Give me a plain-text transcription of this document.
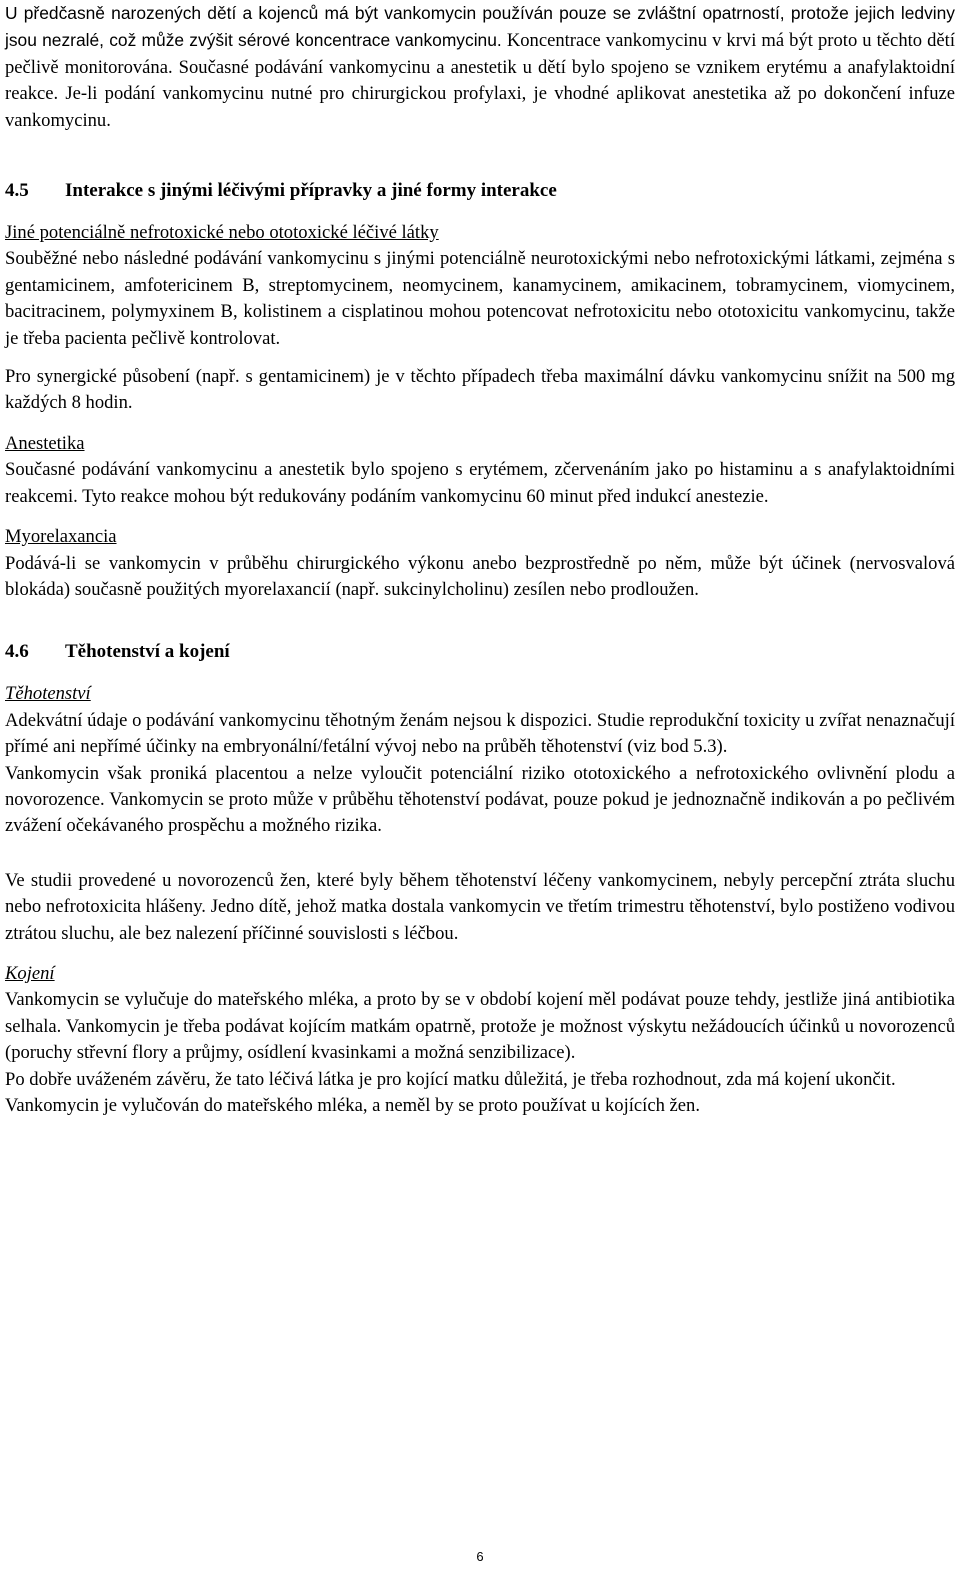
U předčasně narozených dětí a kojenců má být vankomycin používán pouze se zvláštní opatrností, protože jejich ledviny jsou nezralé, což může zvýšit sérové koncentrace vankomycinu. Koncentrace vankomycinu v krvi má být proto u těchto dětí pečlivě monitorována. Současné podávání vankomycinu a anestetik u dětí bylo spojeno se vznikem erytému a anafylaktoidní reakce. Je-li podání vankomycinu nutné pro chirurgickou profylaxi, je vhodné aplikovat anestetika až po dokončení infuze vankomycinu.

4.5 Interakce s jinými léčivými přípravky a jiné formy interakce
Jiné potenciálně nefrotoxické nebo ototoxické léčivé látky

Souběžné nebo následné podávání vankomycinu s jinými potenciálně neurotoxickými nebo nefrotoxickými látkami, zejména s gentamicinem, amfotericinem B, streptomycinem, neomycinem, kanamycinem, amikacinem, tobramycinem, viomycinem, bacitracinem, polymyxinem B, kolistinem a cisplatinou mohou potencovat nefrotoxicitu nebo ototoxicitu vankomycinu, takže je třeba pacienta pečlivě kontrolovat.

Pro synergické působení (např. s gentamicinem) je v těchto případech třeba maximální dávku vankomycinu snížit na 500 mg každých 8 hodin.

Anestetika

Současné podávání vankomycinu a anestetik bylo spojeno s erytémem, zčervenáním jako po histaminu a s anafylaktoidními reakcemi. Tyto reakce mohou být redukovány podáním vankomycinu 60 minut před indukcí anestezie.

Myorelaxancia

Podává-li se vankomycin v průběhu chirurgického výkonu anebo bezprostředně po něm, může být účinek (nervosvalová blokáda) současně použitých myorelaxancií (např. sukcinylcholinu) zesílen nebo prodloužen.

4.6 Těhotenství a kojení
Těhotenství

Adekvátní údaje o podávání vankomycinu těhotným ženám nejsou k dispozici. Studie reprodukční toxicity u zvířat nenaznačují přímé ani nepřímé účinky na embryonální/fetální vývoj nebo na průběh těhotenství (viz bod 5.3).

Vankomycin však proniká placentou a nelze vyloučit potenciální riziko ototoxického a nefrotoxického ovlivnění plodu a novorozence. Vankomycin se proto může v průběhu těhotenství podávat, pouze pokud je jednoznačně indikován a po pečlivém zvážení očekávaného prospěchu a možného rizika.

Ve studii provedené u novorozenců žen, které byly během těhotenství léčeny vankomycinem, nebyly percepční ztráta sluchu nebo nefrotoxicita hlášeny. Jedno dítě, jehož matka dostala vankomycin ve třetím trimestru těhotenství, bylo postiženo vodivou ztrátou sluchu, ale bez nalezení příčinné souvislosti s léčbou.

Kojení

Vankomycin se vylučuje do mateřského mléka, a proto by se v období kojení měl podávat pouze tehdy, jestliže jiná antibiotika selhala. Vankomycin je třeba podávat kojícím matkám opatrně, protože je možnost výskytu nežádoucích účinků u novorozenců (poruchy střevní flory a průjmy, osídlení kvasinkami a možná senzibilizace).

Po dobře uváženém závěru, že tato léčivá látka je pro kojící matku důležitá, je třeba rozhodnout, zda má kojení ukončit.

Vankomycin je vylučován do mateřského mléka, a neměl by se proto používat u kojících žen.

6
